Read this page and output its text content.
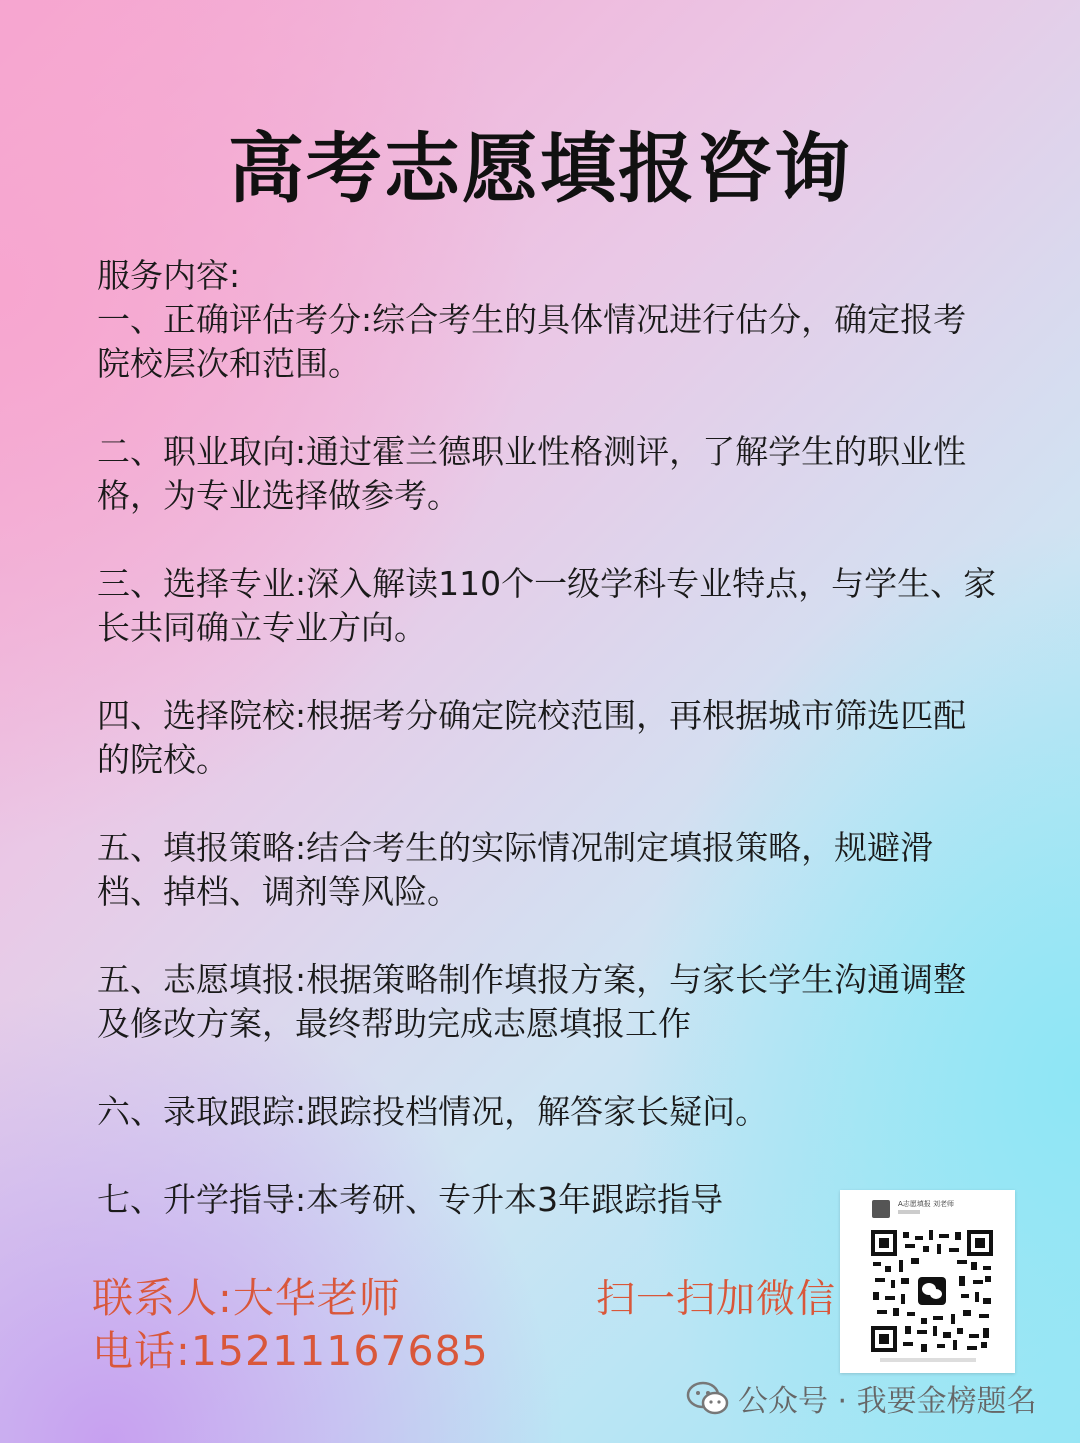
高考志愿填报咨询
服务内容:
一、正确评估考分:综合考生的具体情况进行估分，确定报考院校层次和范围。
二、职业取向:通过霍兰德职业性格测评，了解学生的职业性格，为专业选择做参考。
三、选择专业:深入解读110个一级学科专业特点，与学生、家长共同确立专业方向。
四、选择院校:根据考分确定院校范围，再根据城市筛选匹配的院校。
五、填报策略:结合考生的实际情况制定填报策略，规避滑档、掉档、调剂等风险。
五、志愿填报:根据策略制作填报方案，与家长学生沟通调整及修改方案，最终帮助完成志愿填报工作
六、录取跟踪:跟踪投档情况，解答家长疑问。
七、升学指导:本考研、专升本3年跟踪指导
联系人:大华老师
电话:15211167685
扫一扫加微信
A志愿填报 刘老师
公众号 · 我要金榜题名
